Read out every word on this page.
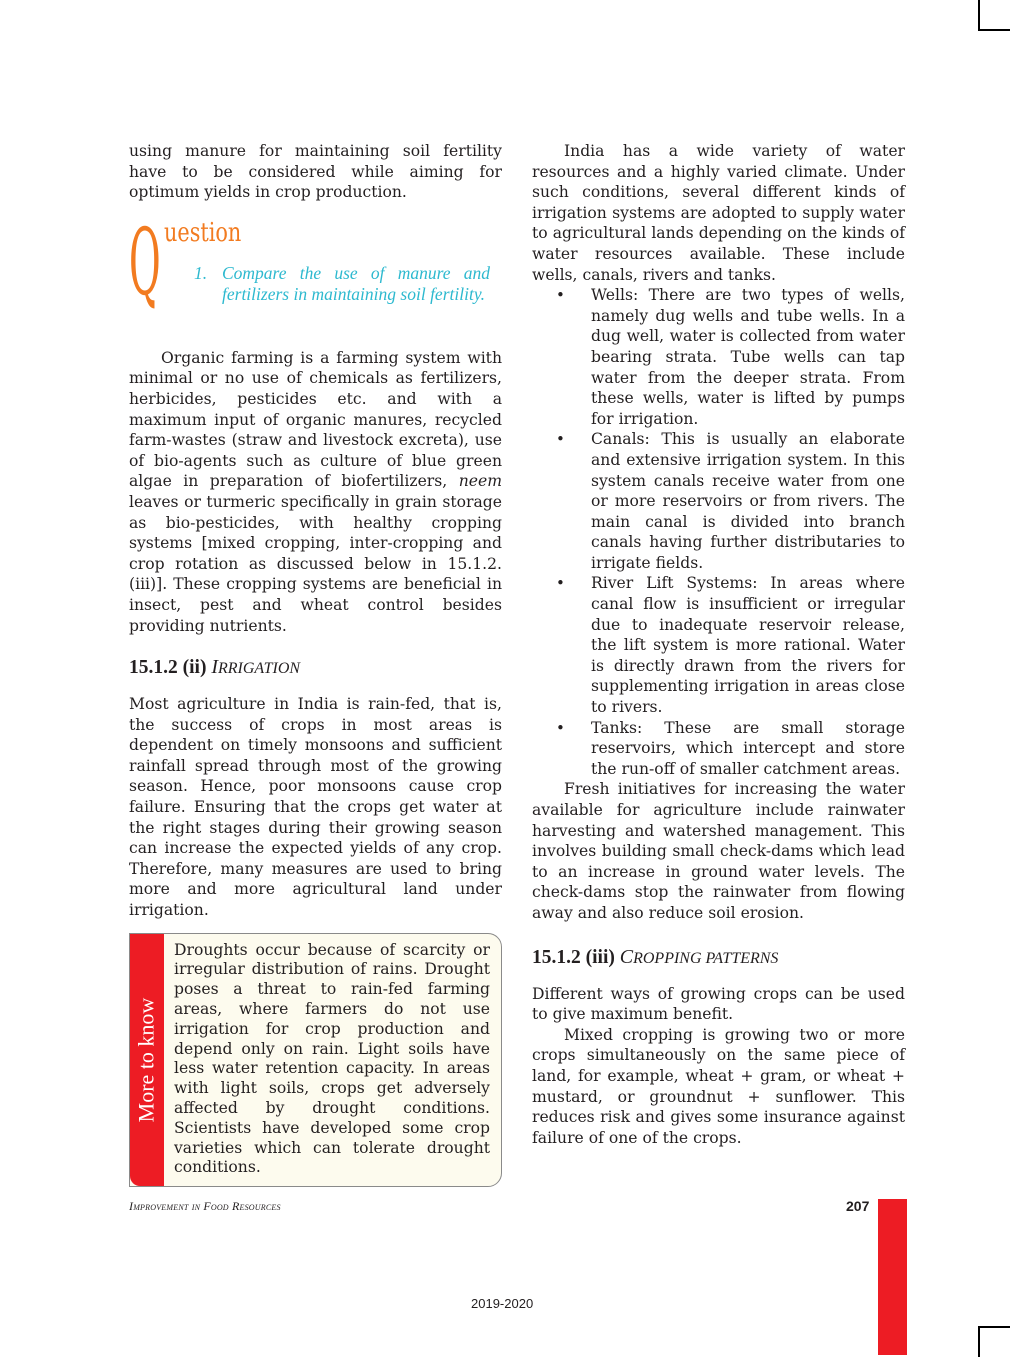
using manure for maintaining soil fertility have to be considered while aiming for optimum yields in crop production.

Q uestion
1. Compare the use of manure and fertilizers in maintaining soil fertility.

Organic farming is a farming system with minimal or no use of chemicals as fertilizers, herbicides, pesticides etc. and with a maximum input of organic manures, recycled farm-wastes (straw and livestock excreta), use of bio-agents such as culture of blue green algae in preparation of biofertilizers, neem leaves or turmeric specifically in grain storage as bio-pesticides, with healthy cropping systems [mixed cropping, inter-cropping and crop rotation as discussed below in 15.1.2.(iii)]. These cropping systems are beneficial in insect, pest and wheat control besides providing nutrients.

15.1.2 (ii) IRRIGATION

Most agriculture in India is rain-fed, that is, the success of crops in most areas is dependent on timely monsoons and sufficient rainfall spread through most of the growing season. Hence, poor monsoons cause crop failure. Ensuring that the crops get water at the right stages during their growing season can increase the expected yields of any crop. Therefore, many measures are used to bring more and more agricultural land under irrigation.

More to know
Droughts occur because of scarcity or irregular distribution of rains. Drought poses a threat to rain-fed farming areas, where farmers do not use irrigation for crop production and depend only on rain. Light soils have less water retention capacity. In areas with light soils, crops get adversely affected by drought conditions. Scientists have developed some crop varieties which can tolerate drought conditions.

India has a wide variety of water resources and a highly varied climate. Under such conditions, several different kinds of irrigation systems are adopted to supply water to agricultural lands depending on the kinds of water resources available. These include wells, canals, rivers and tanks.

• Wells: There are two types of wells, namely dug wells and tube wells. In a dug well, water is collected from water bearing strata. Tube wells can tap water from the deeper strata. From these wells, water is lifted by pumps for irrigation.
• Canals: This is usually an elaborate and extensive irrigation system. In this system canals receive water from one or more reservoirs or from rivers. The main canal is divided into branch canals having further distributaries to irrigate fields.
• River Lift Systems: In areas where canal flow is insufficient or irregular due to inadequate reservoir release, the lift system is more rational. Water is directly drawn from the rivers for supplementing irrigation in areas close to rivers.
• Tanks: These are small storage reservoirs, which intercept and store the run-off of smaller catchment areas.

Fresh initiatives for increasing the water available for agriculture include rainwater harvesting and watershed management. This involves building small check-dams which lead to an increase in ground water levels. The check-dams stop the rainwater from flowing away and also reduce soil erosion.

15.1.2 (iii) CROPPING PATTERNS

Different ways of growing crops can be used to give maximum benefit.

Mixed cropping is growing two or more crops simultaneously on the same piece of land, for example, wheat + gram, or wheat + mustard, or groundnut + sunflower. This reduces risk and gives some insurance against failure of one of the crops.

Improvement in Food Resources	207
2019-2020
